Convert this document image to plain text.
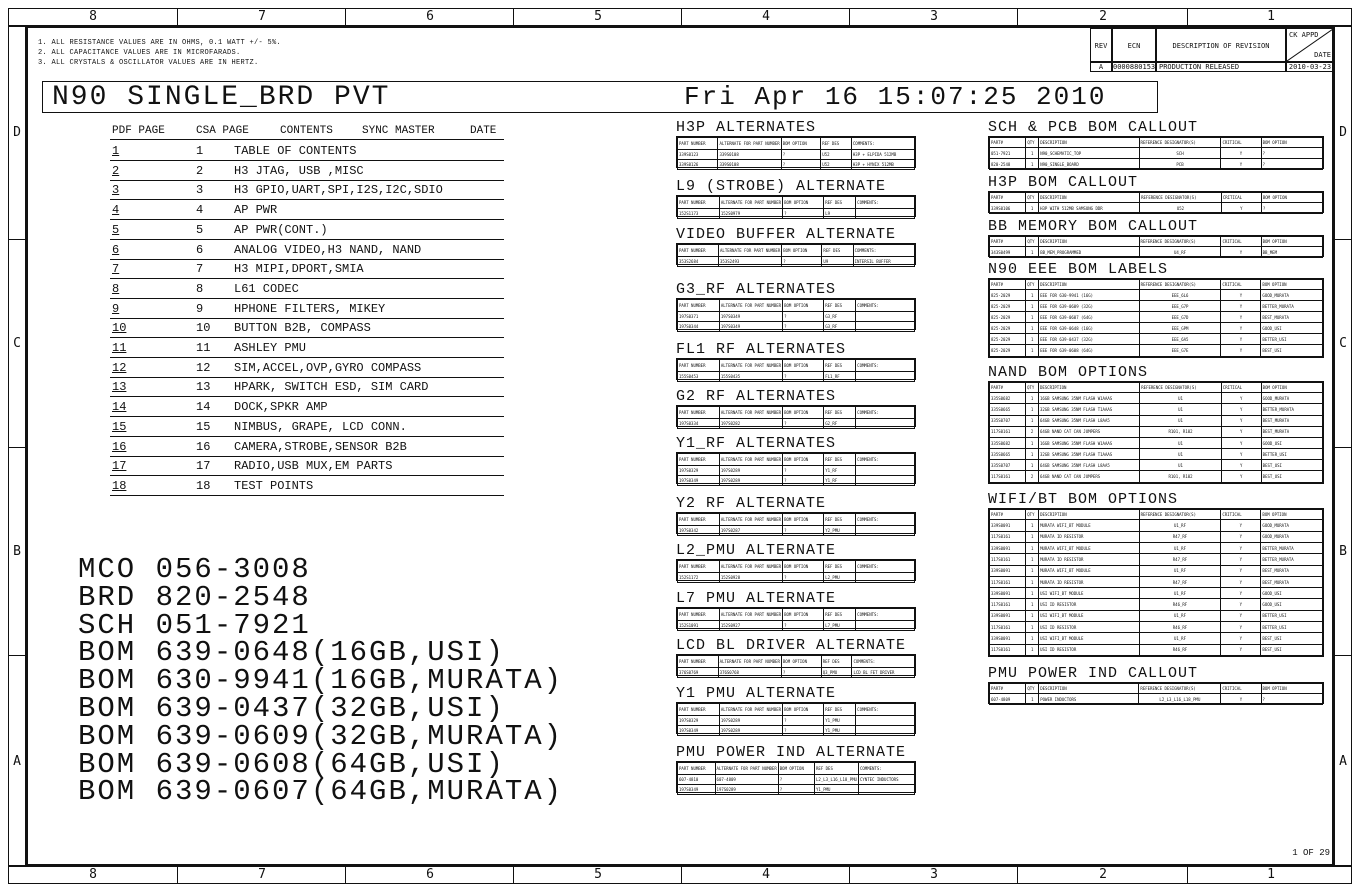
8	7	6	5	4	3	2	1
8	7	6	5	4	3	2	1
D
C
B
A
D
C
B
A
1. ALL RESISTANCE VALUES ARE IN OHMS, 0.1 WATT +/- 5%.
2. ALL CAPACITANCE VALUES ARE IN MICROFARADS.
3. ALL CRYSTALS & OSCILLATOR VALUES ARE IN HERTZ.
REV	ECN	DESCRIPTION OF REVISION
CK APPD
DATE
A	0000880153 PRODUCTION RELEASED	2010-03-23
N90 SINGLE_BRD PVT	Fri Apr 16 15:07:25 2010
PDF PAGE	CSA PAGE	CONTENTS	SYNC MASTER	DATE
1	1	TABLE OF CONTENTS
2	2	H3 JTAG, USB ,MISC
3	3	H3 GPIO,UART,SPI,I2S,I2C,SDIO
4	4	AP PWR
5	5	AP PWR(CONT.)
6	6	ANALOG VIDEO,H3 NAND, NAND
7	7	H3 MIPI,DPORT,SMIA
8	8	L61 CODEC
9	9	HPHONE FILTERS, MIKEY
10	10 BUTTON B2B, COMPASS
11	11 ASHLEY PMU
12	12 SIM,ACCEL,OVP,GYRO COMPASS
13	13 HPARK, SWITCH ESD, SIM CARD
14	14 DOCK,SPKR AMP
15	15 NIMBUS, GRAPE, LCD CONN.
16	16 CAMERA,STROBE,SENSOR B2B
17	17 RADIO,USB MUX,EM PARTS
18	18 TEST POINTS
MCO 056-3008
BRD 820-2548
SCH 051-7921
BOM 639-0648(16GB,USI)
BOM 630-9941(16GB,MURATA)
BOM 639-0437(32GB,USI)
BOM 639-0609(32GB,MURATA)
BOM 639-0608(64GB,USI)
BOM 639-0607(64GB,MURATA)
H3P ALTERNATES
PART NUMBER	ALTERNATE FOR PART NUMBER	BOM OPTION	REF DES	COMMENTS:
339S0123	339S0108	?	U52	H3P + ELPIDA 512MB
339S0126	339S0108	?	U52	H3P + HYNIX 512MB
L9 (STROBE) ALTERNATE
PART NUMBER	ALTERNATE FOR PART NUMBER	BOM OPTION	REF DES	COMMENTS:
152S1173	152S0979	?	L9	
VIDEO BUFFER ALTERNATE
PART NUMBER	ALTERNATE FOR PART NUMBER	BOM OPTION	REF DES	COMMENTS:
353S2684	353S2493	?	U9	INTERSIL BUFFER
G3_RF ALTERNATES
PART NUMBER	ALTERNATE FOR PART NUMBER	BOM OPTION	REF DES	COMMENTS:
197S0371	197S0349	?	G3_RF	
197S0344	197S0349	?	G3_RF	
FL1 RF ALTERNATES
PART NUMBER	ALTERNATE FOR PART NUMBER	BOM OPTION	REF DES	COMMENTS:
155S0453	155S0435	?	FL1_RF	
G2 RF ALTERNATES
PART NUMBER	ALTERNATE FOR PART NUMBER	BOM OPTION	REF DES	COMMENTS:
197S0334	197S0282	?	G2_RF	
Y1_RF ALTERNATES
PART NUMBER	ALTERNATE FOR PART NUMBER	BOM OPTION	REF DES	COMMENTS:
197S0329	197S0289	?	Y1_RF	
197S0349	197S0289	?	Y1_RF	
Y2 RF ALTERNATE
PART NUMBER	ALTERNATE FOR PART NUMBER	BOM OPTION	REF DES	COMMENTS:
197S0342	197S0287	?	Y2_PMU	
L2_PMU ALTERNATE
PART NUMBER	ALTERNATE FOR PART NUMBER	BOM OPTION	REF DES	COMMENTS:
152S1172	152S0928	?	L2_PMU	
L7 PMU ALTERNATE
PART NUMBER	ALTERNATE FOR PART NUMBER	BOM OPTION	REF DES	COMMENTS:
152S1091	152S0927	?	L7_PMU	
LCD BL DRIVER ALTERNATE
PART NUMBER	ALTERNATE FOR PART NUMBER	BOM OPTION	REF DES	COMMENTS:
376S0769	376S0768	?	Q3_PMU	LCD BL FET DRIVER
Y1 PMU ALTERNATE
PART NUMBER	ALTERNATE FOR PART NUMBER	BOM OPTION	REF DES	COMMENTS:
197S0329	197S0289	?	Y1_PMU	
197S0349	197S0289	?	Y1_PMU	
PMU POWER IND ALTERNATE
PART NUMBER	ALTERNATE FOR PART NUMBER	BOM OPTION	REF DES	COMMENTS:
607-4810	607-4809	?	L2_L3_L16_L18_PMU	CYNTEC INDUCTORS
197S0349	197S0289	?	Y1_PMU	
SCH & PCB BOM CALLOUT
PART#	QTY	DESCRIPTION	REFERENCE DESIGNATOR(S)	CRITICAL	BOM OPTION
051-7921	1	N90_SCHEMATIC_TOP	SCH	Y	?
820-2548	1	N90_SINGLE_BOARD	PCB	Y	?
H3P BOM CALLOUT
PART#	QTY	DESCRIPTION	REFERENCE DESIGNATOR(S)	CRITICAL	BOM OPTION
339S0106	1	H3P WITH 512MB SAMSUNG DDR	U52	Y	?
BB MEMORY BOM CALLOUT
PART#	QTY	DESCRIPTION	REFERENCE DESIGNATOR(S)	CRITICAL	BOM OPTION
343S0499	1	BB_MEM_PROGRAMMED	U4_RF	Y	BB_MEM
N90 EEE BOM LABELS
PART#	QTY	DESCRIPTION	REFERENCE DESIGNATOR(S)	CRITICAL	BOM OPTION
825-2029	1	EEE FOR 630-9941 (16G)	EEE_6L6	Y	GOOD_MURATA
825-2029	1	EEE FOR 639-0609 (32G)	EEE_G7P	Y	BETTER_MURATA
825-2029	1	EEE FOR 639-0607 (64G)	EEE_G7D	Y	BEST_MURATA
825-2029	1	EEE FOR 639-0648 (16G)	EEE_GPM	Y	GOOD_USI
825-2029	1	EEE FOR 639-0437 (32G)	EEE_6A5	Y	BETTER_USI
825-2029	1	EEE FOR 639-0608 (64G)	EEE_G7E	Y	BEST_USI
NAND BOM OPTIONS
PART#	QTY	DESCRIPTION	REFERENCE DESIGNATOR(S)	CRITICAL	BOM OPTION
335S0682	1	16GB SAMSUNG 35NM FLASH W1AAAS	U1	Y	GOOD_MURATA
335S0665	1	32GB SAMSUNG 35NM FLASH T1AAAS	U1	Y	BETTER_MURATA
335S0707	1	64GB SAMSUNG 35NM FLASH L8AA5	U1	Y	BEST_MURATA
117S0161	2	64GB NAND CAT CAN JUMPERS	R101, R102	Y	BEST_MURATA
335S0682	1	16GB SAMSUNG 35NM FLASH W1AAAS	U1	Y	GOOD_USI
335S0665	1	32GB SAMSUNG 35NM FLASH T1AAAS	U1	Y	BETTER_USI
335S0707	1	64GB SAMSUNG 35NM FLASH L8AA5	U1	Y	BEST_USI
117S0161	2	64GB NAND CAT CAN JUMPERS	R101, R102	Y	BEST_USI
WIFI/BT BOM OPTIONS
PART#	QTY	DESCRIPTION	REFERENCE DESIGNATOR(S)	CRITICAL	BOM OPTION
339S0091	1	MURATA WIFI_BT MODULE	U1_RF	Y	GOOD_MURATA
117S0161	1	MURATA ID RESISTOR	R47_RF	Y	GOOD_MURATA
339S0091	1	MURATA WIFI_BT MODULE	U1_RF	Y	BETTER_MURATA
117S0161	1	MURATA ID RESISTOR	R47_RF	Y	BETTER_MURATA
339S0091	1	MURATA WIFI_BT MODULE	U1_RF	Y	BEST_MURATA
117S0161	1	MURATA ID RESISTOR	R47_RF	Y	BEST_MURATA
339S0091	1	USI WIFI_BT MODULE	U1_RF	Y	GOOD_USI
117S0161	1	USI ID RESISTOR	R46_RF	Y	GOOD_USI
339S0091	1	USI WIFI_BT MODULE	U1_RF	Y	BETTER_USI
117S0161	1	USI ID RESISTOR	R46_RF	Y	BETTER_USI
339S0091	1	USI WIFI_BT MODULE	U1_RF	Y	BEST_USI
117S0161	1	USI ID RESISTOR	R46_RF	Y	BEST_USI
PMU POWER IND CALLOUT
PART#	QTY	DESCRIPTION	REFERENCE DESIGNATOR(S)	CRITICAL	BOM OPTION
607-4809	1	POWER INDUCTORS	L2_L3_L16_L18_PMU	Y	?
1 OF 29
